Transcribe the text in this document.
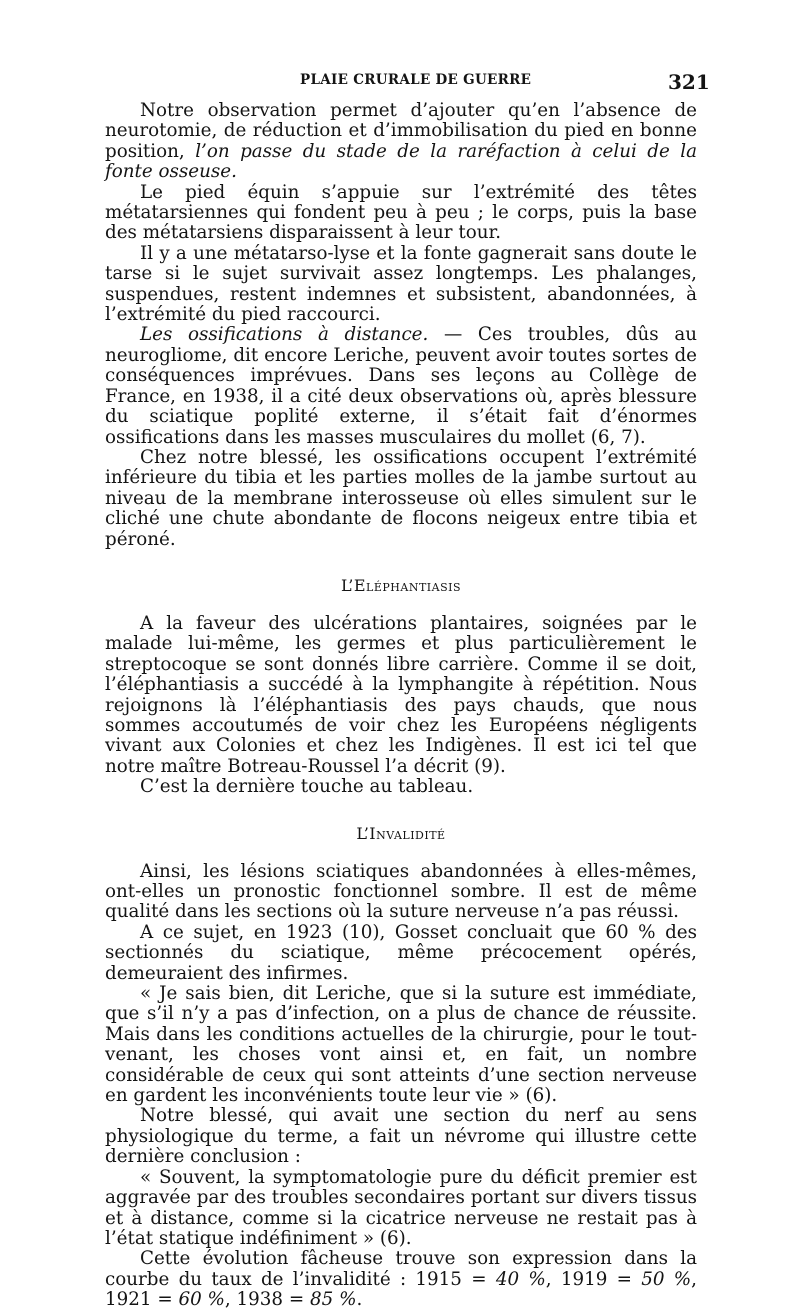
PLAIE CRURALE DE GUERRE	321

Notre observation permet d’ajouter qu’en l’absence de neurotomie, de réduction et d’immobilisation du pied en bonne position, l’on passe du stade de la raréfaction à celui de la fonte osseuse.

Le pied équin s’appuie sur l’extrémité des têtes métatarsiennes qui fondent peu à peu ; le corps, puis la base des métatarsiens disparaissent à leur tour.

Il y a une métatarso-lyse et la fonte gagnerait sans doute le tarse si le sujet survivait assez longtemps. Les phalanges, suspendues, restent indemnes et subsistent, abandonnées, à l’extrémité du pied raccourci.

Les ossifications à distance. — Ces troubles, dûs au neurogliome, dit encore Leriche, peuvent avoir toutes sortes de conséquences imprévues. Dans ses leçons au Collège de France, en 1938, il a cité deux observations où, après blessure du sciatique poplité externe, il s’était fait d’énormes ossifications dans les masses musculaires du mollet (6, 7).

Chez notre blessé, les ossifications occupent l’extrémité inférieure du tibia et les parties molles de la jambe surtout au niveau de la membrane interosseuse où elles simulent sur le cliché une chute abondante de flocons neigeux entre tibia et péroné.

L’Eléphantiasis

A la faveur des ulcérations plantaires, soignées par le malade lui-même, les germes et plus particulièrement le streptocoque se sont donnés libre carrière. Comme il se doit, l’éléphantiasis a succédé à la lymphangite à répétition. Nous rejoignons là l’éléphantiasis des pays chauds, que nous sommes accoutumés de voir chez les Européens négligents vivant aux Colonies et chez les Indigènes. Il est ici tel que notre maître Botreau-Roussel l’a décrit (9).

C’est la dernière touche au tableau.

L’Invalidité

Ainsi, les lésions sciatiques abandonnées à elles-mêmes, ont-elles un pronostic fonctionnel sombre. Il est de même qualité dans les sections où la suture nerveuse n’a pas réussi.

A ce sujet, en 1923 (10), Gosset concluait que 60 % des sectionnés du sciatique, même précocement opérés, demeuraient des infirmes.

« Je sais bien, dit Leriche, que si la suture est immédiate, que s’il n’y a pas d’infection, on a plus de chance de réussite. Mais dans les conditions actuelles de la chirurgie, pour le tout-venant, les choses vont ainsi et, en fait, un nombre considérable de ceux qui sont atteints d’une section nerveuse en gardent les inconvénients toute leur vie » (6).

Notre blessé, qui avait une section du nerf au sens physiologique du terme, a fait un névrome qui illustre cette dernière conclusion :

« Souvent, la symptomatologie pure du déficit premier est aggravée par des troubles secondaires portant sur divers tissus et à distance, comme si la cicatrice nerveuse ne restait pas à l’état statique indéfiniment » (6).

Cette évolution fâcheuse trouve son expression dans la courbe du taux de l’invalidité : 1915 = 40 %, 1919 = 50 %, 1921 = 60 %, 1938 = 85 %.
